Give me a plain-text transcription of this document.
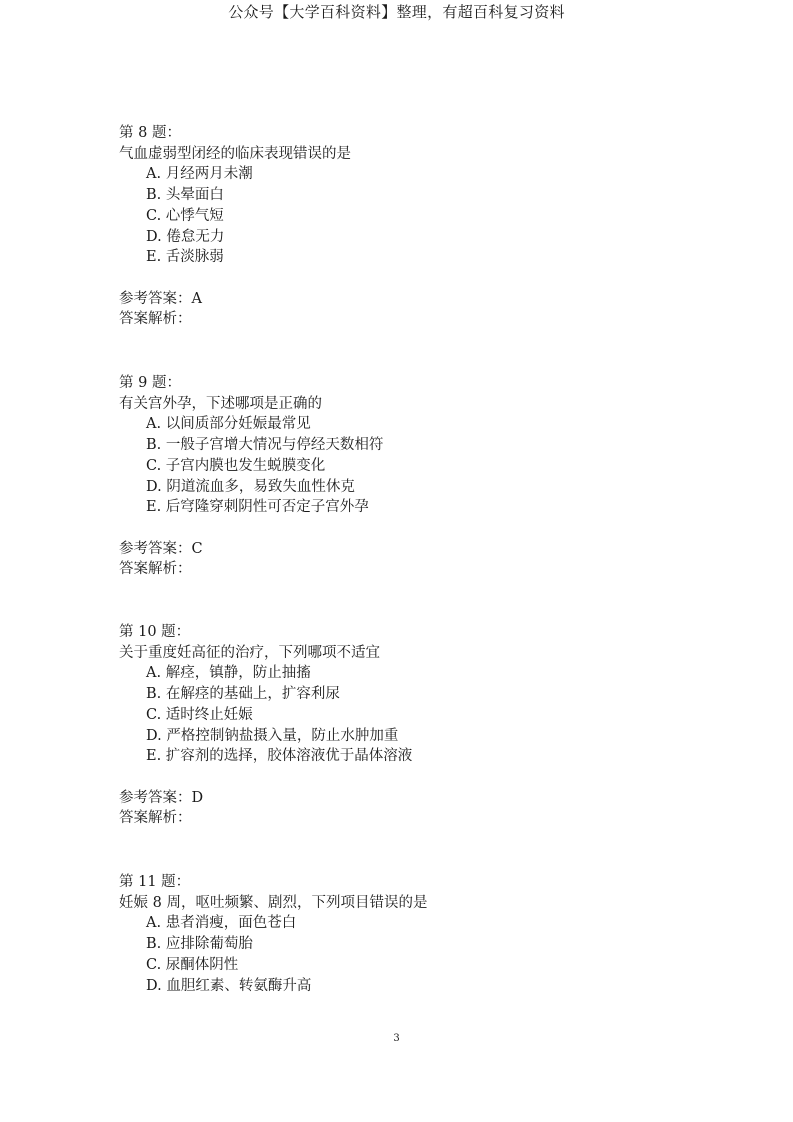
公众号【大学百科资料】整理，有超百科复习资料
第 8 题：
气血虚弱型闭经的临床表现错误的是
A. 月经两月未潮
B. 头晕面白
C. 心悸气短
D. 倦怠无力
E. 舌淡脉弱
参考答案：A
答案解析：
第 9 题：
有关宫外孕，下述哪项是正确的
A. 以间质部分妊娠最常见
B. 一般子宫增大情况与停经天数相符
C. 子宫内膜也发生蜕膜变化
D. 阴道流血多，易致失血性休克
E. 后穹隆穿刺阴性可否定子宫外孕
参考答案：C
答案解析：
第 10 题：
关于重度妊高征的治疗，下列哪项不适宜
A. 解痉，镇静，防止抽搐
B. 在解痉的基础上，扩容利尿
C. 适时终止妊娠
D. 严格控制钠盐摄入量，防止水肿加重
E. 扩容剂的选择，胶体溶液优于晶体溶液
参考答案：D
答案解析：
第 11 题：
妊娠 8 周，呕吐频繁、剧烈，下列项目错误的是
A. 患者消瘦，面色苍白
B. 应排除葡萄胎
C. 尿酮体阴性
D. 血胆红素、转氨酶升高
3
